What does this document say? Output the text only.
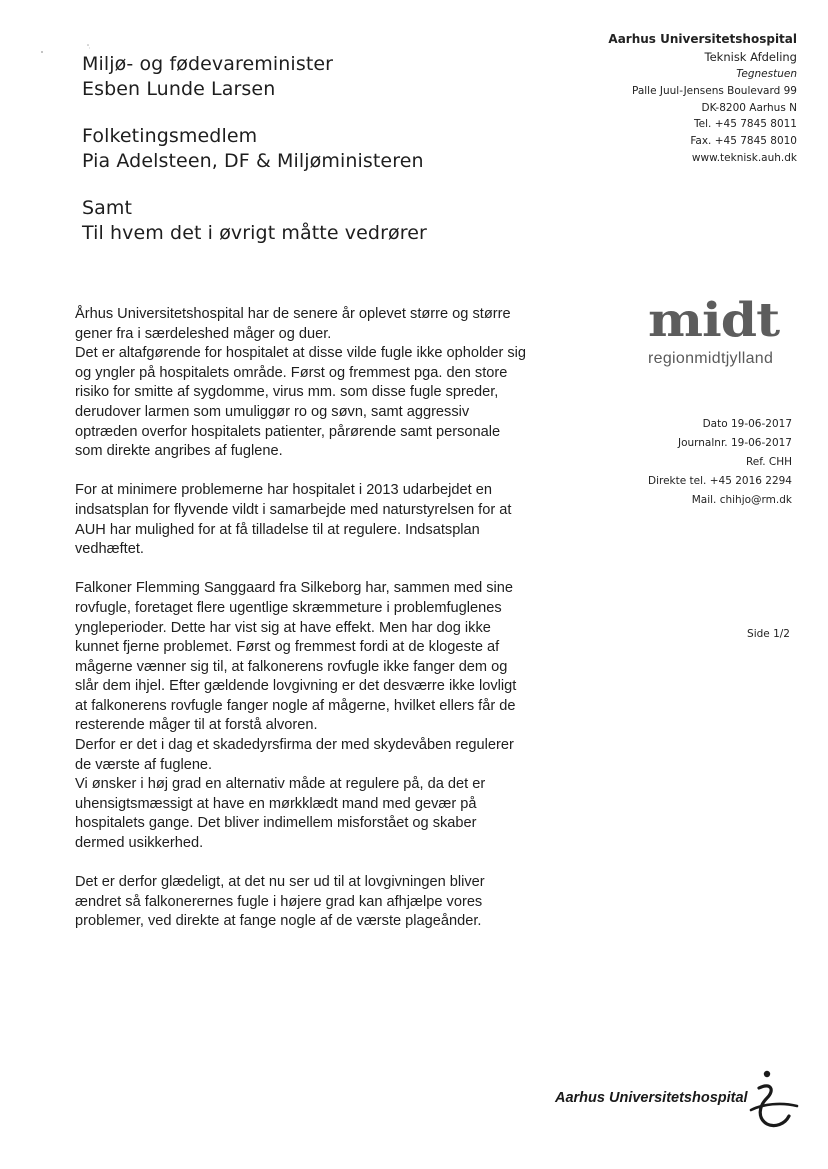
Miljø- og fødevareminister
Esben Lunde Larsen
Folketingsmedlem
Pia Adelsteen, DF & Miljøministeren
Samt
Til hvem det i øvrigt måtte vedrører
Aarhus Universitetshospital
Teknisk Afdeling
Tegnestuen
Palle Juul-Jensens Boulevard 99
DK-8200 Aarhus N
Tel. +45 7845 8011
Fax. +45 7845 8010
www.teknisk.auh.dk
midt
regionmidtjylland
Dato 19-06-2017
Journalnr. 19-06-2017
Ref. CHH
Direkte tel. +45 2016 2294
Mail. chihjo@rm.dk
Side 1/2

Århus Universitetshospital har de senere år oplevet større og større
gener fra i særdeleshed måger og duer.
Det er altafgørende for hospitalet at disse vilde fugle ikke opholder sig
og yngler på hospitalets område. Først og fremmest pga. den store
risiko for smitte af sygdomme, virus mm. som disse fugle spreder,
derudover larmen som umuliggør ro og søvn, samt aggressiv
optræden overfor hospitalets patienter, pårørende samt personale
som direkte angribes af fuglene.

For at minimere problemerne har hospitalet i 2013 udarbejdet en
indsatsplan for flyvende vildt i samarbejde med naturstyrelsen for at
AUH har mulighed for at få tilladelse til at regulere. Indsatsplan
vedhæftet.

Falkoner Flemming Sanggaard fra Silkeborg har, sammen med sine
rovfugle, foretaget flere ugentlige skræmmeture i problemfuglenes
yngleperioder. Dette har vist sig at have effekt. Men har dog ikke
kunnet fjerne problemet. Først og fremmest fordi at de klogeste af
mågerne vænner sig til, at falkonerens rovfugle ikke fanger dem og
slår dem ihjel. Efter gældende lovgivning er det desværre ikke lovligt
at falkonerens rovfugle fanger nogle af mågerne, hvilket ellers får de
resterende måger til at forstå alvoren.
Derfor er det i dag et skadedyrsfirma der med skydevåben regulerer
de værste af fuglene.
Vi ønsker i høj grad en alternativ måde at regulere på, da det er
uhensigtsmæssigt at have en mørkklædt mand med gevær på
hospitalets gange. Det bliver indimellem misforstået og skaber
dermed usikkerhed.

Det er derfor glædeligt, at det nu ser ud til at lovgivningen bliver
ændret så falkonerernes fugle i højere grad kan afhjælpe vores
problemer, ved direkte at fange nogle af de værste plageånder.

Aarhus Universitetshospital
